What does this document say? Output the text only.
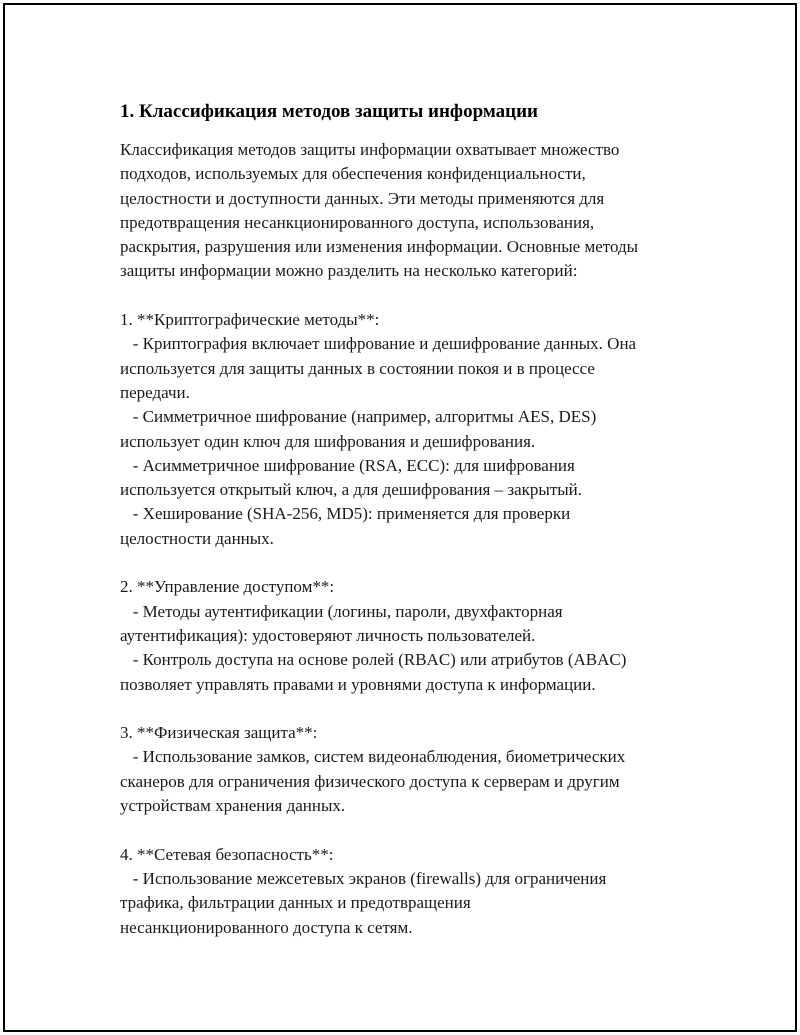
1. Классификация методов защиты информации

Классификация методов защиты информации охватывает множество

подходов, используемых для обеспечения конфиденциальности,

целостности и доступности данных. Эти методы применяются для

предотвращения несанкционированного доступа, использования,

раскрытия, разрушения или изменения информации. Основные методы

защиты информации можно разделить на несколько категорий:

1. **Криптографические методы**:

- Криптография включает шифрование и дешифрование данных. Она

используется для защиты данных в состоянии покоя и в процессе

передачи.

- Симметричное шифрование (например, алгоритмы AES, DES)

использует один ключ для шифрования и дешифрования.

- Асимметричное шифрование (RSA, ECC): для шифрования

используется открытый ключ, а для дешифрования – закрытый.

- Хеширование (SHA-256, MD5): применяется для проверки

целостности данных.

2. **Управление доступом**:

- Методы аутентификации (логины, пароли, двухфакторная

аутентификация): удостоверяют личность пользователей.

- Контроль доступа на основе ролей (RBAC) или атрибутов (ABAC)

позволяет управлять правами и уровнями доступа к информации.

3. **Физическая защита**:

- Использование замков, систем видеонаблюдения, биометрических

сканеров для ограничения физического доступа к серверам и другим

устройствам хранения данных.

4. **Сетевая безопасность**:

- Использование межсетевых экранов (firewalls) для ограничения

трафика, фильтрации данных и предотвращения

несанкционированного доступа к сетям.
